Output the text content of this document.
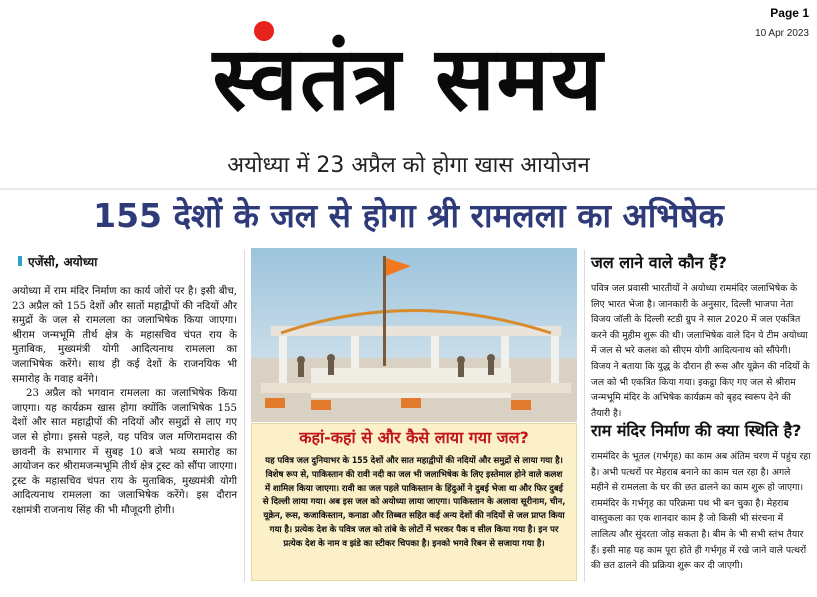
Page 1
10 Apr 2023
स्वतंत्र समय
अयोध्या में 23 अप्रैल को होगा खास आयोजन
155 देशों के जल से होगा श्री रामलला का अभिषेक
एजेंसी, अयोध्या

अयोध्या में राम मंदिर निर्माण का कार्य जोरों पर है। इसी बीच, 23 अप्रैल को 155 देशों और सातों महाद्वीपों की नदियों और समुद्रों के जल से रामलला का जलाभिषेक किया जाएगा। श्रीराम जन्मभूमि तीर्थ क्षेत्र के महासचिव चंपत राय के मुताबिक, मुख्यमंत्री योगी आदित्यनाथ रामलला का जलाभिषेक करेंगे। साथ ही कई देशों के राजनयिक भी समारोह के गवाह बनेंगे।

23 अप्रैल को भगवान रामलला का जलाभिषेक किया जाएगा। यह कार्यक्रम खास होगा क्योंकि जलाभिषेक 155 देशों और सात महाद्वीपों की नदियों और समुद्रों से लाए गए जल से होगा। इससे पहले, यह पवित्र जल मणिरामदास की छावनी के सभागार में सुबह 10 बजे भव्य समारोह का आयोजन कर श्रीरामजन्मभूमि तीर्थ क्षेत्र ट्रस्ट को सौंपा जाएगा। ट्रस्ट के महासचिव चंपत राय के मुताबिक, मुख्यमंत्री योगी आदित्यनाथ रामलला का जलाभिषेक करेंगे। इस दौरान रक्षामंत्री राजनाथ सिंह की भी मौजूदगी होगी।

कहां-कहां से और कैसे लाया गया जल?
यह पवित्र जल दुनियाभर के 155 देशों और सात महाद्वीपों की नदियों और समुद्रों से लाया गया है। विशेष रूप से, पाकिस्तान की रावी नदी का जल भी जलाभिषेक के लिए इस्तेमाल होने वाले कलश में शामिल किया जाएगा। रावी का जल पहले पाकिस्तान के हिंदुओं ने दुबई भेजा था और फिर दुबई से दिल्ली लाया गया। अब इस जल को अयोध्या लाया जाएगा। पाकिस्तान के अलावा सूरीनाम, चीन, यूक्रेन, रूस, कजाकिस्तान, कनाडा और तिब्बत सहित कई अन्य देशों की नदियों से जल प्राप्त किया गया है। प्रत्येक देश के पवित्र जल को तांबे के लोटों में भरकर पैक व सील किया गया है। इन पर प्रत्येक देश के नाम व झंडे का स्टीकर चिपका है। इनको भगवे रिबन से सजाया गया है।
जल लाने वाले कौन हैं?
पवित्र जल प्रवासी भारतीयों ने अयोध्या राममंदिर जलाभिषेक के लिए भारत भेजा है। जानकारी के अनुसार, दिल्ली भाजपा नेता विजय जॉली के दिल्ली स्टडी ग्रुप ने साल 2020 में जल एकत्रित करने की मुहीम शुरू की थी। जलाभिषेक वाले दिन ये टीम अयोध्या में जल से भरे कलश को सीएम योगी आदित्यनाथ को सौंपेगी। विजय ने बताया कि युद्ध के दौरान ही रूस और यूक्रेन की नदियों के जल को भी एकत्रित किया गया। इकट्ठा किए गए जल से श्रीराम जन्मभूमि मंदिर के अभिषेक कार्यक्रम को बृहद स्वरूप देने की तैयारी है।
राम मंदिर निर्माण की क्या स्थिति है?
राममंदिर के भूतल (गर्भगृह) का काम अब अंतिम चरण में पहुंच रहा है। अभी पत्थरों पर मेहराब बनाने का काम चल रहा है। अगले महीने से रामलला के घर की छत ढालने का काम शुरू हो जाएगा। राममंदिर के गर्भगृह का परिक्रमा पथ भी बन चुका है। मेहराब वास्तुकला का एक शानदार काम है जो किसी भी संरचना में लालित्य और सुंदरता जोड़ सकता है। बीम के भी सभी स्तंभ तैयार हैं। इसी माह यह काम पूरा होते ही गर्भगृह में रखे जाने वाले पत्थरों की छत ढालने की प्रक्रिया शुरू कर दी जाएगी।
